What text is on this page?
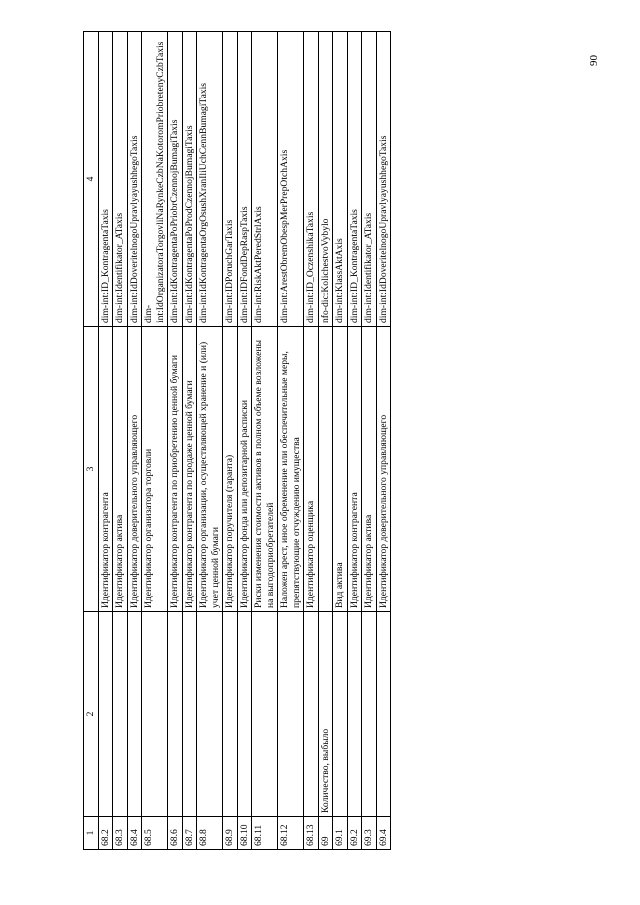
90
1	2	3	4
68.2		Идентификатор контрагента	dim-int:ID_KontragentaTaxis
68.3		Идентификатор актива	dim-int:Identifikator_ATaxis
68.4		Идентификатор доверительного управляющего	dim-int:IdDoveritelnogoUpravlyayushhegoTaxis
68.5		Идентификатор организатора торговли	dim-int:IdOrganizatoraTorgovliNaRynkeCzbNaKotoromPriobretenyCzbTaxis
68.6		Идентификатор контрагента по приобретению ценной бумаги	dim-int:IdKontragentaPoPriobrCzennojBumagiTaxis
68.7		Идентификатор контрагента по продаже ценной бумаги	dim-int:IdKontragentaPoProdCzennojBumagiTaxis
68.8		Идентификатор организации, осуществляющей хранение и (или) учет ценной бумаги	dim-int:IdKontragentaOrgOsushXranIliUchCennBumagiTaxis
68.9		Идентификатор поручителя (гаранта)	dim-int:IDPoruchGarTaxis
68.10		Идентификатор фонда или депозитарной расписки	dim-int:IDFondDepRaspTaxis
68.11		Риски изменения стоимости активов в полном объеме возложены на выгодоприобретателей	dim-int:RiskAktPeredStrlAxis
68.12		Наложен арест, иное обременение или обеспечительные меры, препятствующие отчуждению имущества	dim-int:ArestObremObespMerPrepOtchAxis
68.13		Идентификатор оценщика	dim-int:ID_OczenshikaTaxis
69	Количество, выбыло		nfo-dic:KolichestvoVybylo
69.1		Вид актива	dim-int:KlassAktAxis
69.2		Идентификатор контрагента	dim-int:ID_KontragentaTaxis
69.3		Идентификатор актива	dim-int:Identifikator_ATaxis
69.4		Идентификатор доверительного управляющего	dim-int:IdDoveritelnogoUpravlyayushhegoTaxis
